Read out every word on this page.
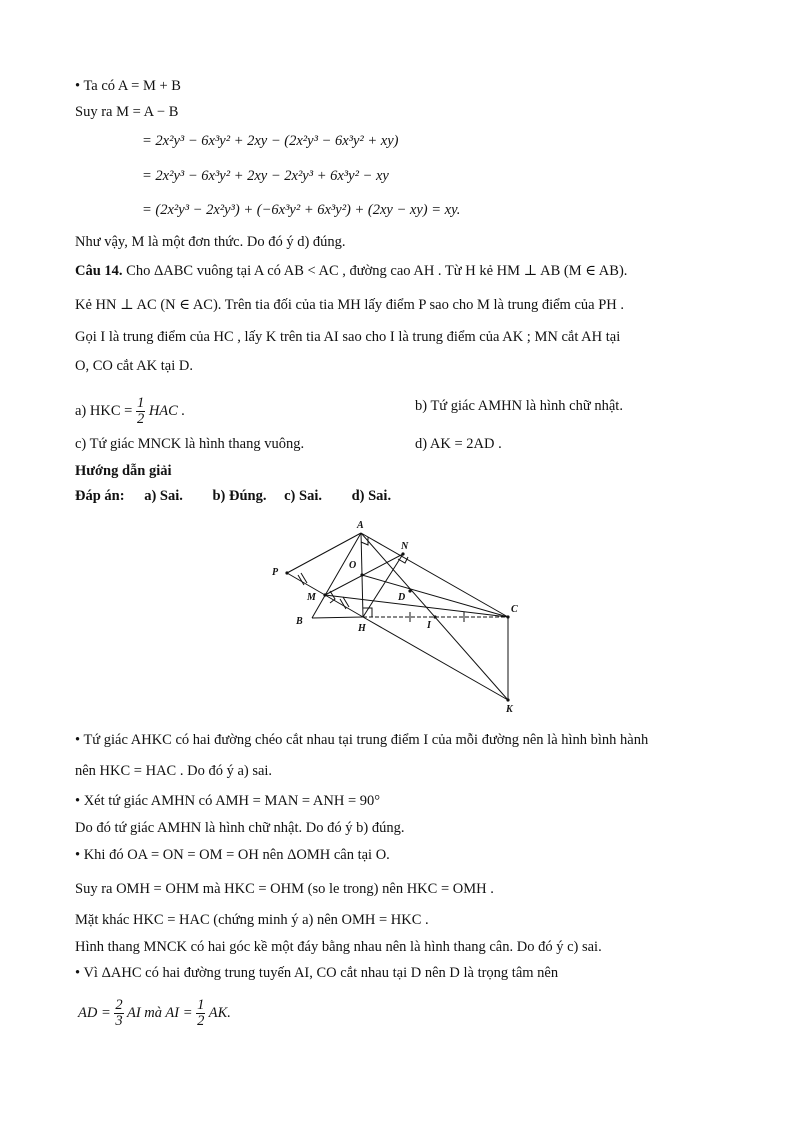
• Ta có A = M + B
Suy ra M = A − B
= 2x²y³ − 6x³y² + 2xy − (2x²y³ − 6x³y² + xy)
= 2x²y³ − 6x³y² + 2xy − 2x²y³ + 6x³y² − xy
= (2x²y³ − 2x²y³) + (−6x³y² + 6x³y²) + (2xy − xy) = xy.
Như vậy, M là một đơn thức. Do đó ý d) đúng.
Câu 14. Cho ΔABC vuông tại A có AB < AC , đường cao AH . Từ H kẻ HM ⊥ AB (M ∈ AB).
Kẻ HN ⊥ AC (N ∈ AC). Trên tia đối của tia MH lấy điểm P sao cho M là trung điểm của PH .
Gọi I là trung điểm của HC , lấy K trên tia AI sao cho I là trung điểm của AK ; MN cắt AH tại
O, CO cắt AK tại D.
a) HKC = $\frac{1}{2}$ HAC .	b) Tứ giác AMHN là hình chữ nhật.
c) Tứ giác MNCK là hình thang vuông.	d) AK = 2AD .
Hướng dẫn giải
Đáp án: a) Sai. b) Đúng. c) Sai. d) Sai.
A
N
O
P
M	D
C
B
H	I
K
• Tứ giác AHKC có hai đường chéo cắt nhau tại trung điểm I của mỗi đường nên là hình bình hành
nên HKC = HAC . Do đó ý a) sai.
• Xét tứ giác AMHN có AMH = MAN = ANH = 90°
Do đó tứ giác AMHN là hình chữ nhật. Do đó ý b) đúng.
• Khi đó OA = ON = OM = OH nên ΔOMH cân tại O.
Suy ra OMH = OHM mà HKC = OHM (so le trong) nên HKC = OMH .
Mặt khác HKC = HAC (chứng minh ý a) nên OMH = HKC .
Hình thang MNCK có hai góc kề một đáy bằng nhau nên là hình thang cân. Do đó ý c) sai.
• Vì ΔAHC có hai đường trung tuyến AI, CO cắt nhau tại D nên D là trọng tâm nên
AD = $\frac{2}{3}$ AI mà AI = $\frac{1}{2}$ AK.
